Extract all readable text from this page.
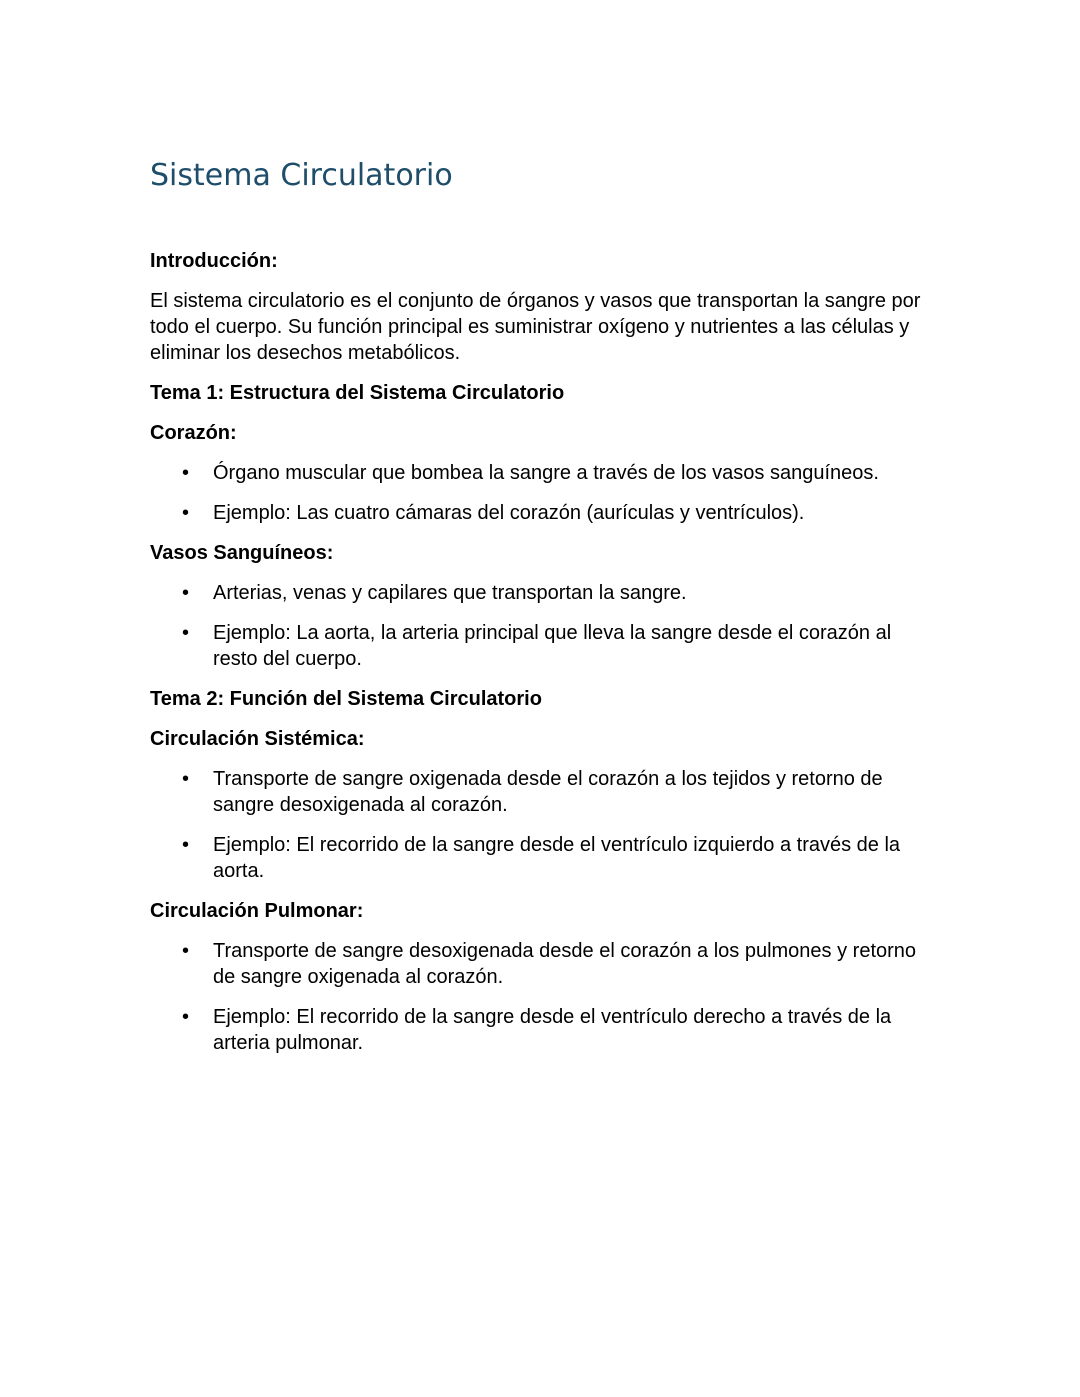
Sistema Circulatorio

Introducción:

El sistema circulatorio es el conjunto de órganos y vasos que transportan la sangre por todo el cuerpo. Su función principal es suministrar oxígeno y nutrientes a las células y eliminar los desechos metabólicos.

Tema 1: Estructura del Sistema Circulatorio

Corazón:

• Órgano muscular que bombea la sangre a través de los vasos sanguíneos.
• Ejemplo: Las cuatro cámaras del corazón (aurículas y ventrículos).

Vasos Sanguíneos:

• Arterias, venas y capilares que transportan la sangre.
• Ejemplo: La aorta, la arteria principal que lleva la sangre desde el corazón al resto del cuerpo.

Tema 2: Función del Sistema Circulatorio

Circulación Sistémica:

• Transporte de sangre oxigenada desde el corazón a los tejidos y retorno de sangre desoxigenada al corazón.
• Ejemplo: El recorrido de la sangre desde el ventrículo izquierdo a través de la aorta.

Circulación Pulmonar:

• Transporte de sangre desoxigenada desde el corazón a los pulmones y retorno de sangre oxigenada al corazón.
• Ejemplo: El recorrido de la sangre desde el ventrículo derecho a través de la arteria pulmonar.
